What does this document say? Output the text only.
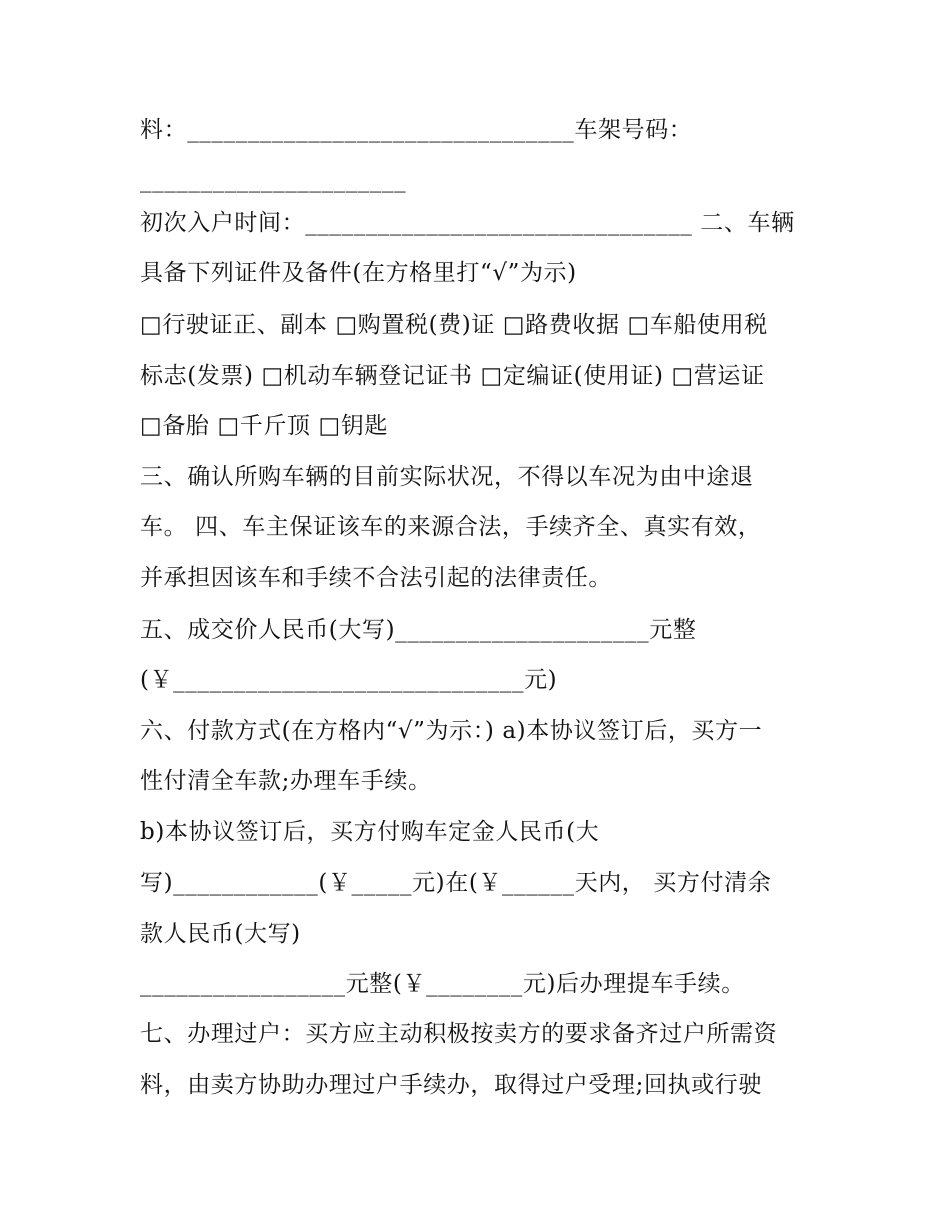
料：________________________________车架号码：
______________________
初次入户时间：________________________________ 二、车辆
具备下列证件及备件(在方格里打“√”为示)
□行驶证正、副本 □购置税(费)证 □路费收据 □车船使用税
标志(发票) □机动车辆登记证书 □定编证(使用证) □营运证
□备胎 □千斤顶 □钥匙
三、确认所购车辆的目前实际状况，不得以车况为由中途退
车。 四、车主保证该车的来源合法，手续齐全、真实有效，
并承担因该车和手续不合法引起的法律责任。
五、成交价人民币(大写)_____________________元整
(￥_____________________________元)
六、付款方式(在方格内“√”为示：) a)本协议签订后，买方一
性付清全车款;办理车手续。
b)本协议签订后，买方付购车定金人民币(大
写)____________(￥_____元)在(￥______天内， 买方付清余
款人民币(大写)
_________________元整(￥________元)后办理提车手续。
七、办理过户：买方应主动积极按卖方的要求备齐过户所需资
料，由卖方协助办理过户手续办，取得过户受理;回执或行驶
